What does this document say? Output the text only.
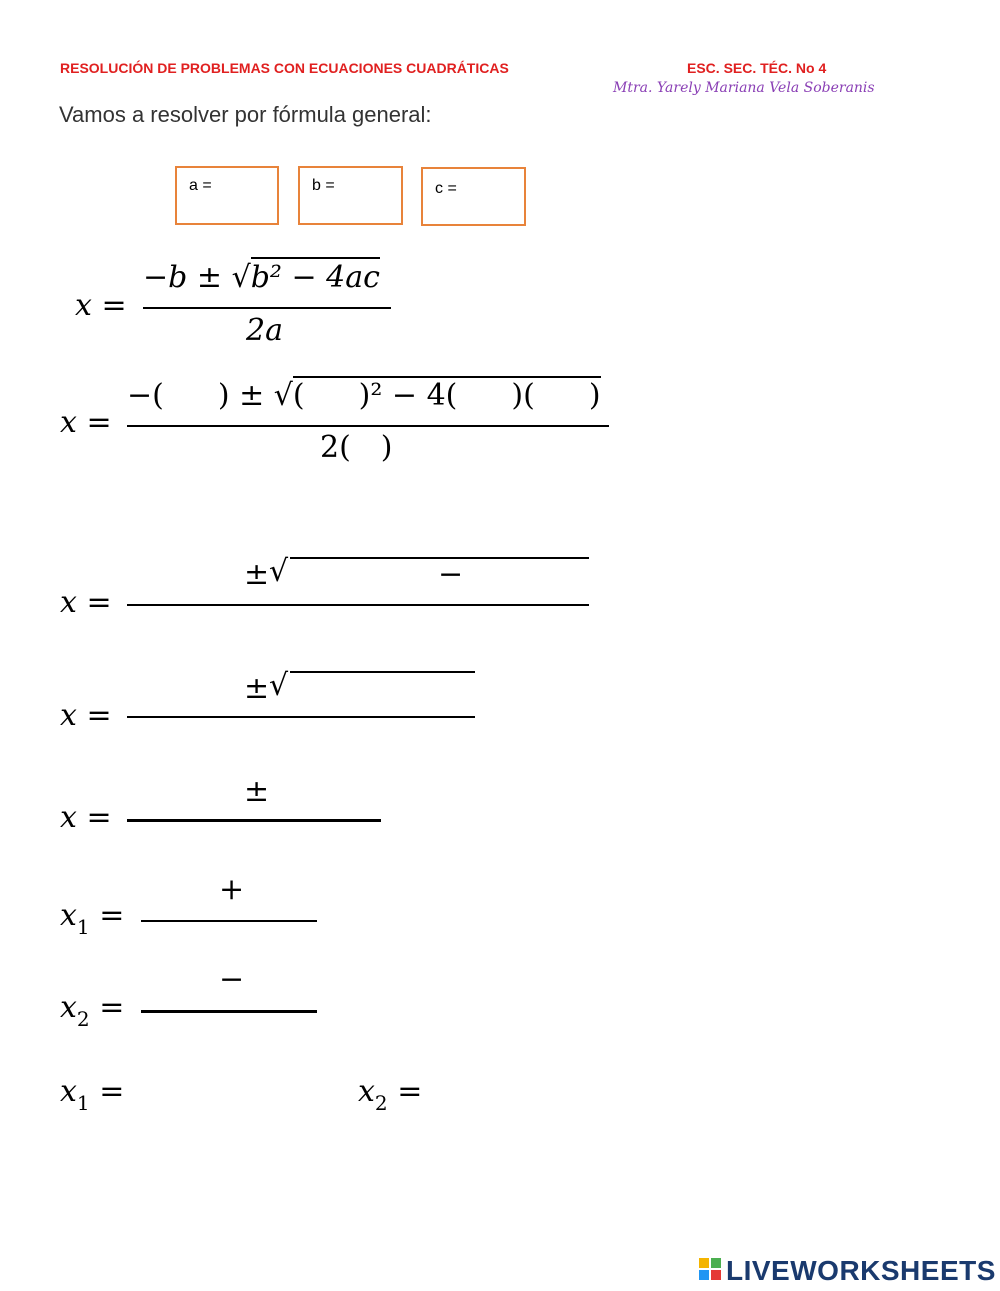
RESOLUCIÓN DE PROBLEMAS CON ECUACIONES CUADRÁTICAS	ESC. SEC. TÉC. No 4
Mtra. Yarely Mariana Vela Soberanis
Vamos a resolver por fórmula general:
a =	b =	c =
x =
−b ± √b² − 4ac
2a
x =
−( ) ± √( )² − 4( )( )
2( )
x =
± √	−
x =
± √
x =
±
$x_1$ =
+
$x_2$ =
−
$x_1$ =	$x_2$ =
LIVEWORKSHEETS
